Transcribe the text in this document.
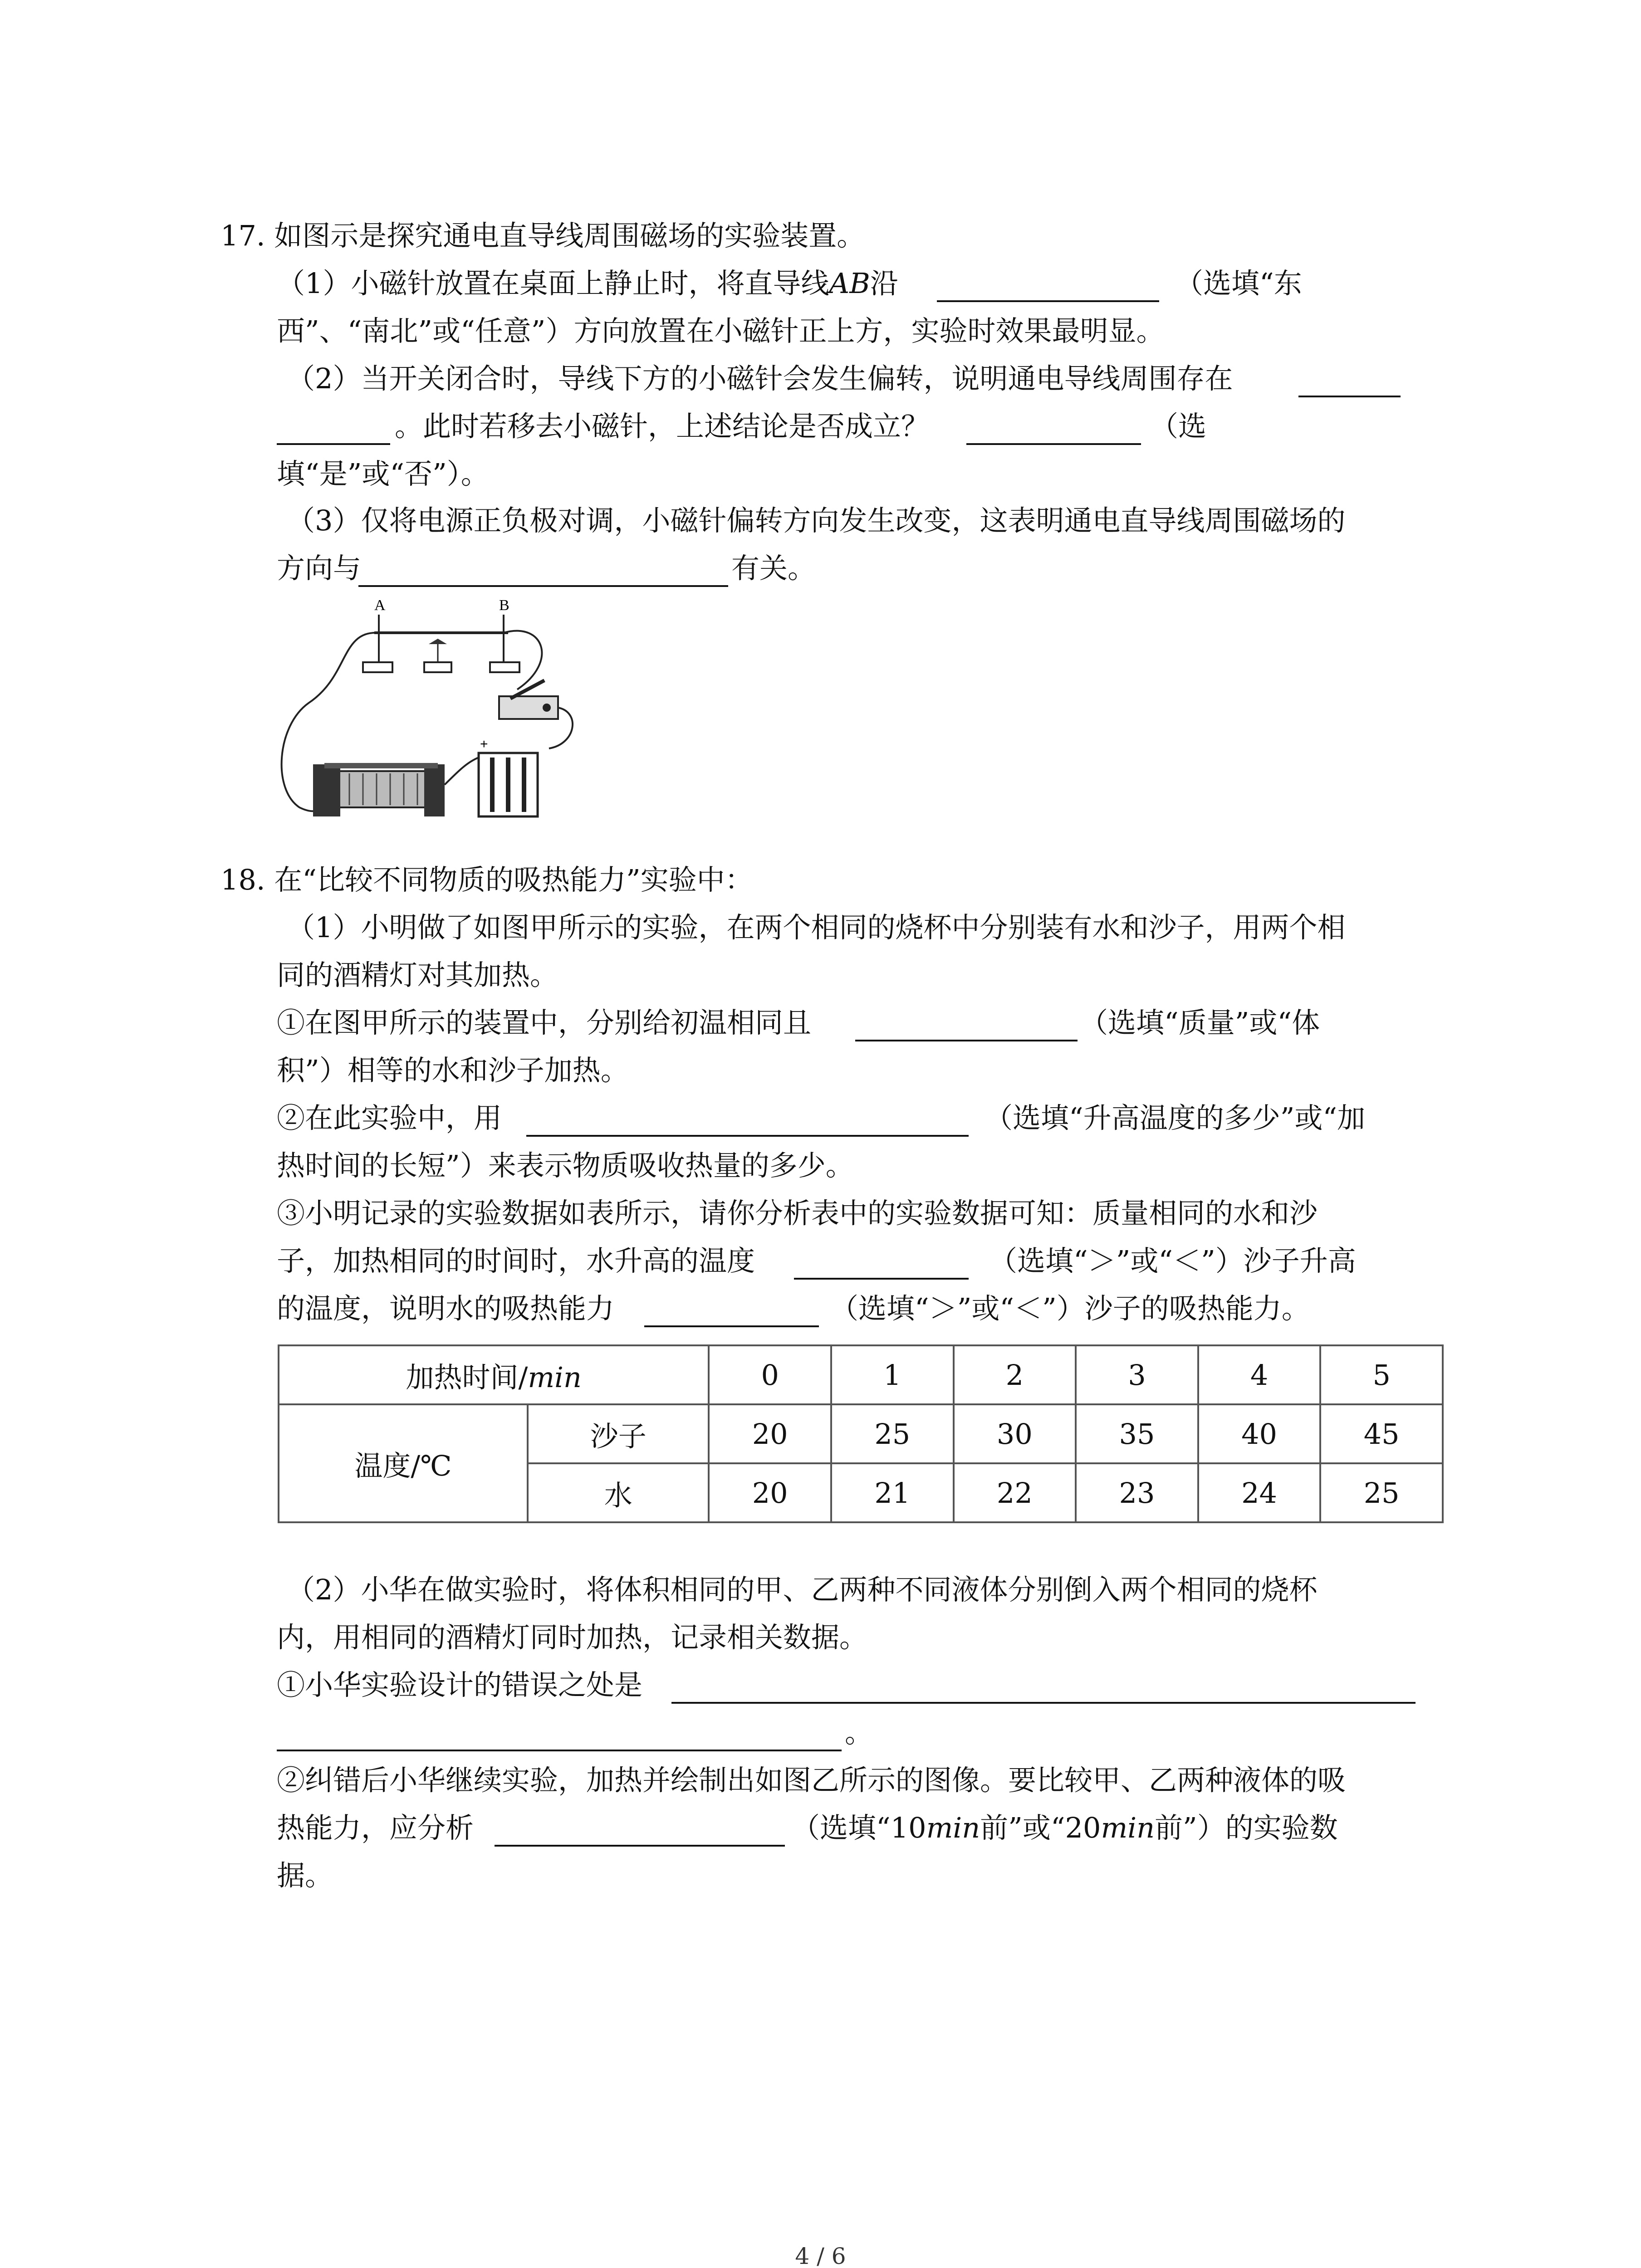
17. 如图示是探究通电直导线周围磁场的实验装置。
（1）小磁针放置在桌面上静止时，将直导线AB沿	（选填“东
西”、“南北”或“任意”）方向放置在小磁针正上方，实验时效果最明显。
（2）当开关闭合时，导线下方的小磁针会发生偏转，说明通电导线周围存在
。此时若移去小磁针，上述结论是否成立？	（选
填“是”或“否”）。
（3）仅将电源正负极对调，小磁针偏转方向发生改变，这表明通电直导线周围磁场的
方向与	有关。
A	B
+
18. 在“比较不同物质的吸热能力”实验中：
（1）小明做了如图甲所示的实验，在两个相同的烧杯中分别装有水和沙子，用两个相
同的酒精灯对其加热。
①在图甲所示的装置中，分别给初温相同且	（选填“质量”或“体
积”）相等的水和沙子加热。
②在此实验中，用	（选填“升高温度的多少”或“加
热时间的长短”）来表示物质吸收热量的多少。
③小明记录的实验数据如表所示，请你分析表中的实验数据可知：质量相同的水和沙
子，加热相同的时间时，水升高的温度	（选填“＞”或“＜”）沙子升高
的温度，说明水的吸热能力	（选填“＞”或“＜”）沙子的吸热能力。
加热时间/min		0	1	2	3	4	5
温度/℃	沙子	20	25	30	35	40	45
	水	20	21	22	23	24	25
（2）小华在做实验时，将体积相同的甲、乙两种不同液体分别倒入两个相同的烧杯
内，用相同的酒精灯同时加热，记录相关数据。
①小华实验设计的错误之处是
。
②纠错后小华继续实验，加热并绘制出如图乙所示的图像。要比较甲、乙两种液体的吸
热能力，应分析	（选填“10min前”或“20min前”）的实验数
据。
4 / 6
